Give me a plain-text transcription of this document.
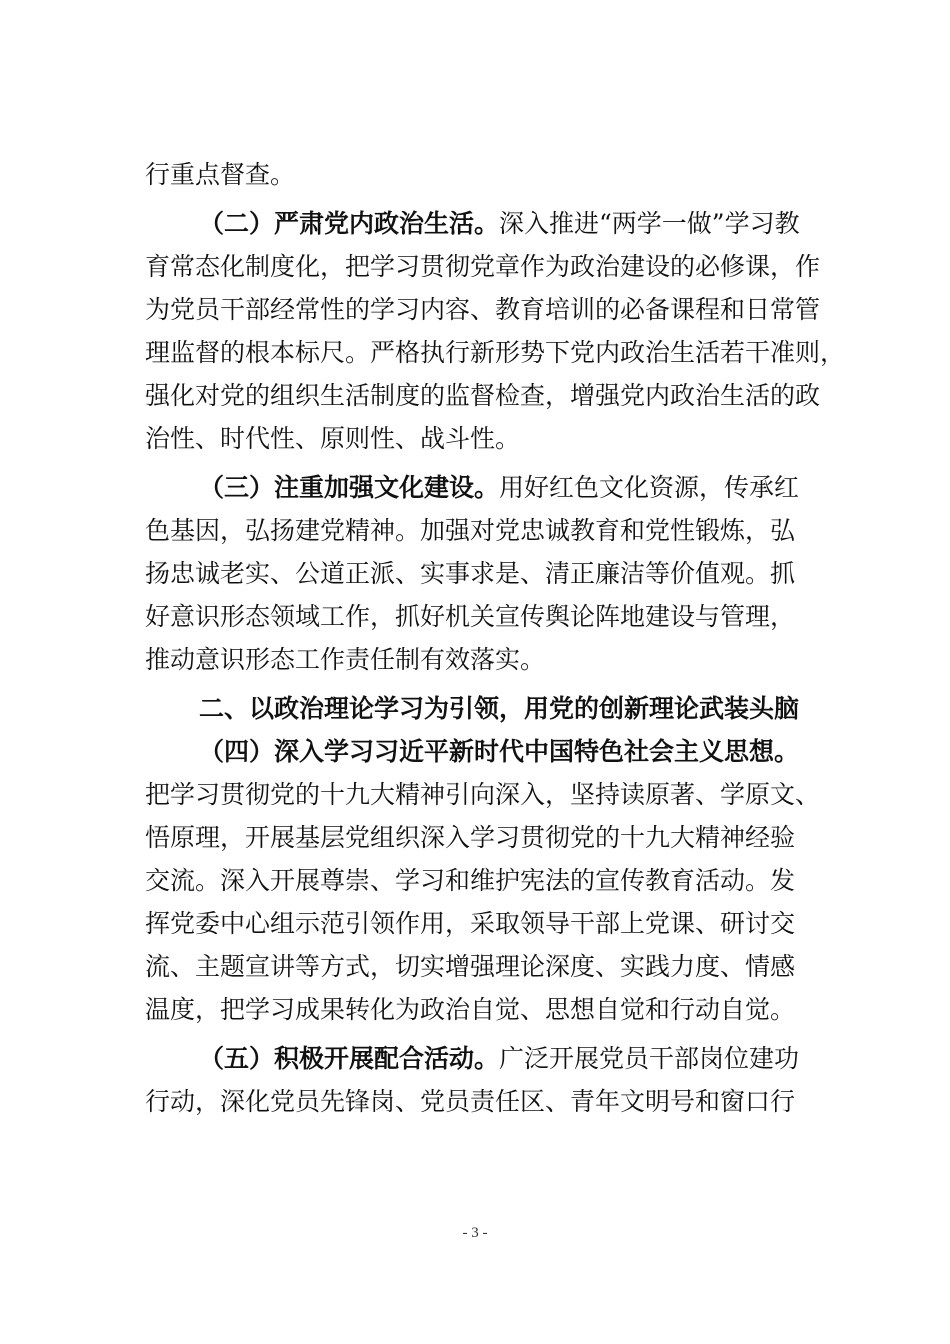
行重点督查。
（二）严肃党内政治生活。深入推进“两学一做”学习教
育常态化制度化，把学习贯彻党章作为政治建设的必修课，作
为党员干部经常性的学习内容、教育培训的必备课程和日常管
理监督的根本标尺。严格执行新形势下党内政治生活若干准则，
强化对党的组织生活制度的监督检查，增强党内政治生活的政
治性、时代性、原则性、战斗性。
（三）注重加强文化建设。用好红色文化资源，传承红
色基因，弘扬建党精神。加强对党忠诚教育和党性锻炼，弘
扬忠诚老实、公道正派、实事求是、清正廉洁等价值观。抓
好意识形态领域工作，抓好机关宣传舆论阵地建设与管理，
推动意识形态工作责任制有效落实。
二、以政治理论学习为引领，用党的创新理论武装头脑
（四）深入学习习近平新时代中国特色社会主义思想。
把学习贯彻党的十九大精神引向深入，坚持读原著、学原文、
悟原理，开展基层党组织深入学习贯彻党的十九大精神经验
交流。深入开展尊崇、学习和维护宪法的宣传教育活动。发
挥党委中心组示范引领作用，采取领导干部上党课、研讨交
流、主题宣讲等方式，切实增强理论深度、实践力度、情感
温度，把学习成果转化为政治自觉、思想自觉和行动自觉。
（五）积极开展配合活动。广泛开展党员干部岗位建功
行动，深化党员先锋岗、党员责任区、青年文明号和窗口行
- 3 -
